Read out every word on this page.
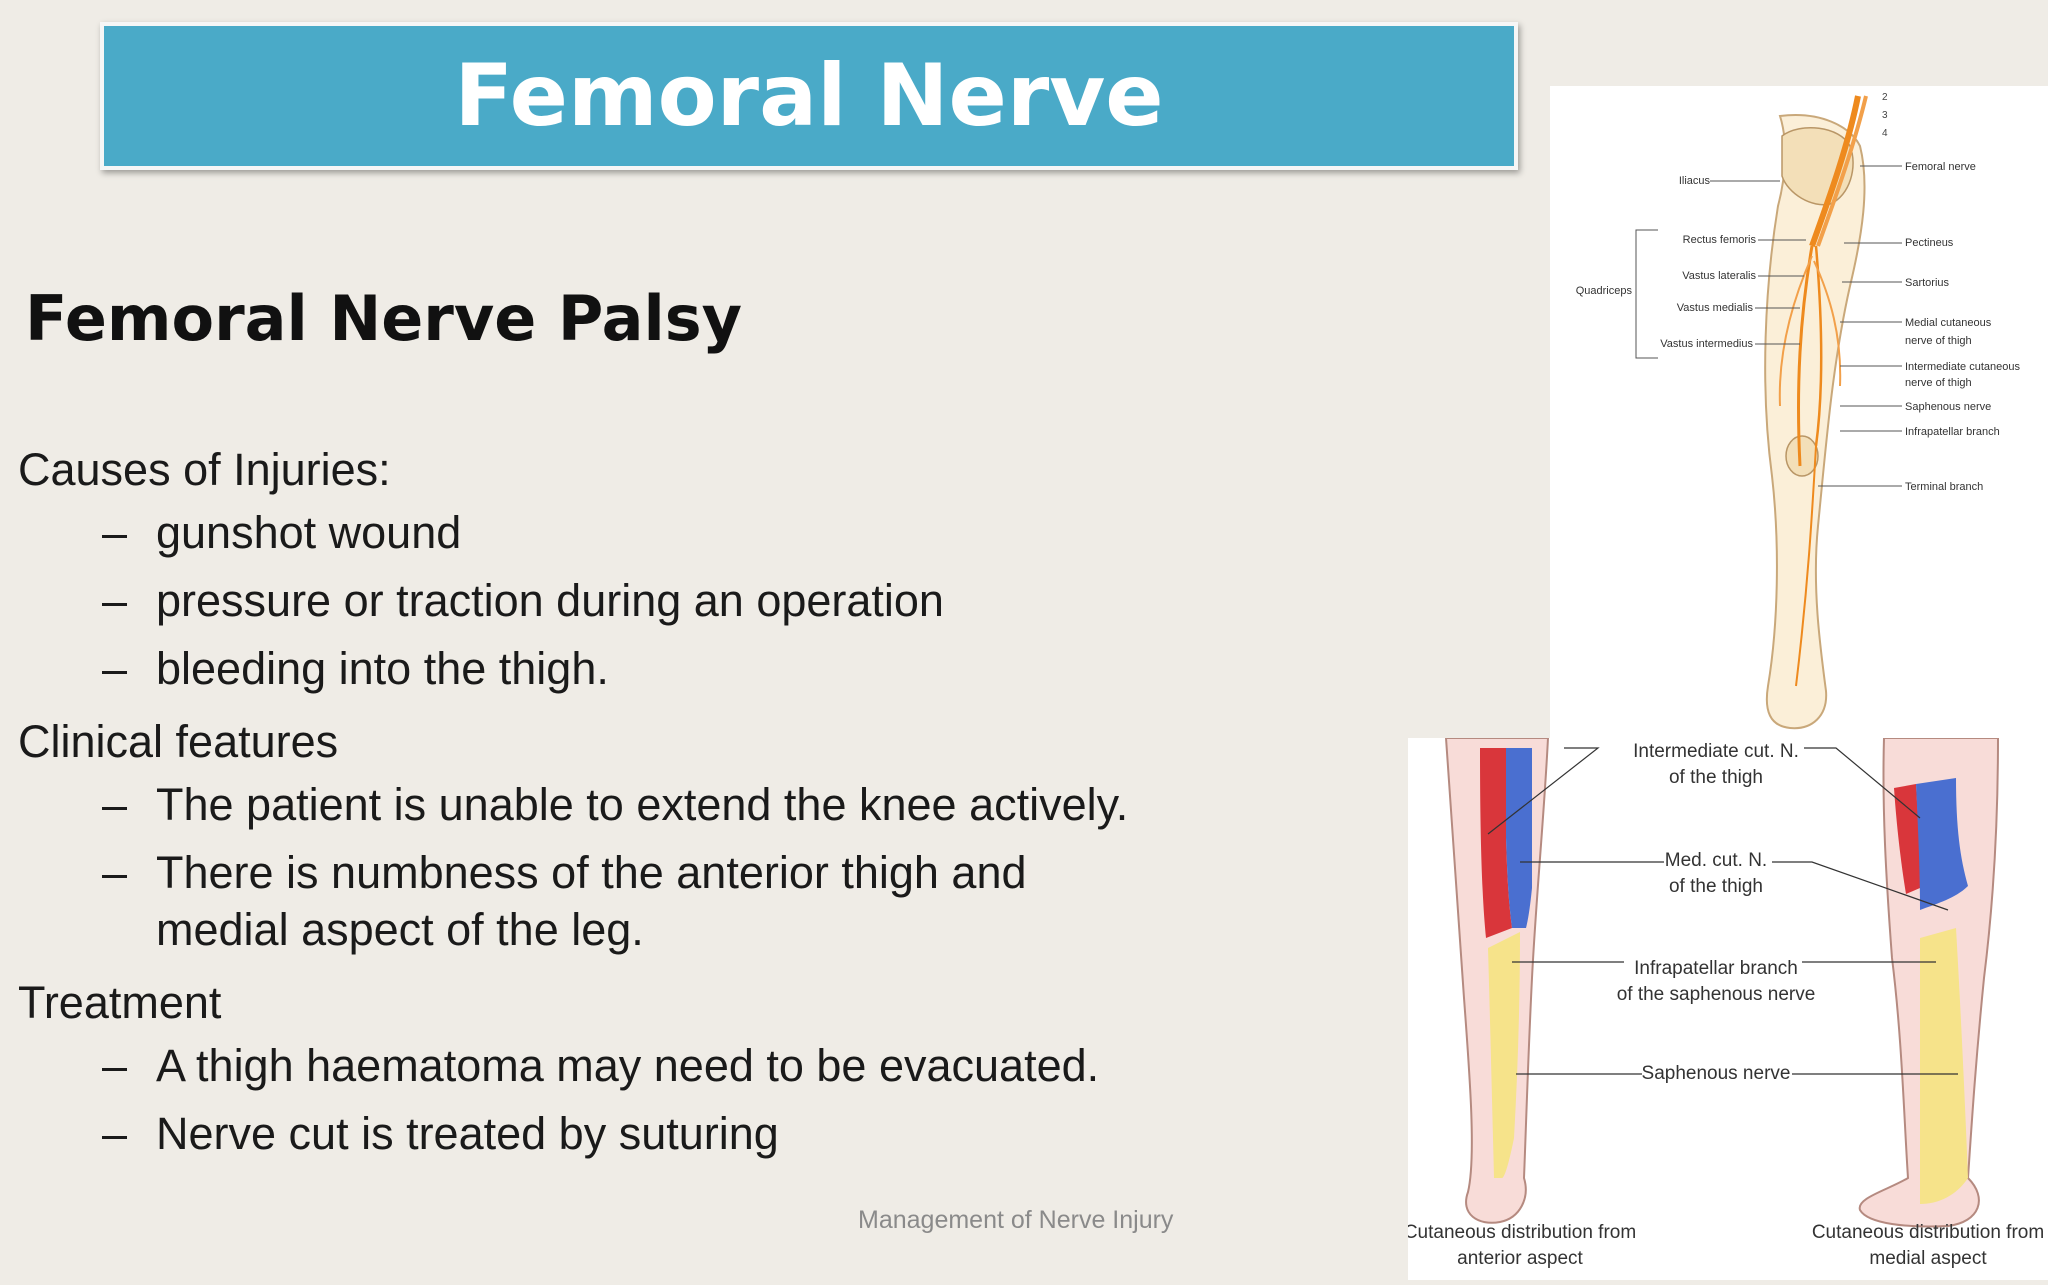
Femoral Nerve
Femoral Nerve Palsy

Causes of Injuries:

– gunshot wound
– pressure or traction during an operation
– bleeding into the thigh.

Clinical features

– The patient is unable to extend the knee actively.
– There is numbness of the anterior thigh and medial aspect of the leg.

Treatment

– A thigh haematoma may need to be evacuated.
– Nerve cut is treated by suturing
Management of Nerve Injury
2
3
4
Iliacus
Femoral nerve
Rectus femoris	Pectineus
Vastus lateralis
Sartorius
Quadriceps
Vastus medialis
Medial cutaneous
nerve of thigh
Vastus intermedius
Intermediate cutaneous
nerve of thigh
Saphenous nerve
Infrapatellar branch
Terminal branch
Intermediate cut. N.
of the thigh
Med. cut. N.
of the thigh
Infrapatellar branch
of the saphenous nerve
Saphenous nerve
Cutaneous distribution from
anterior aspect
Cutaneous distribution from
medial aspect
